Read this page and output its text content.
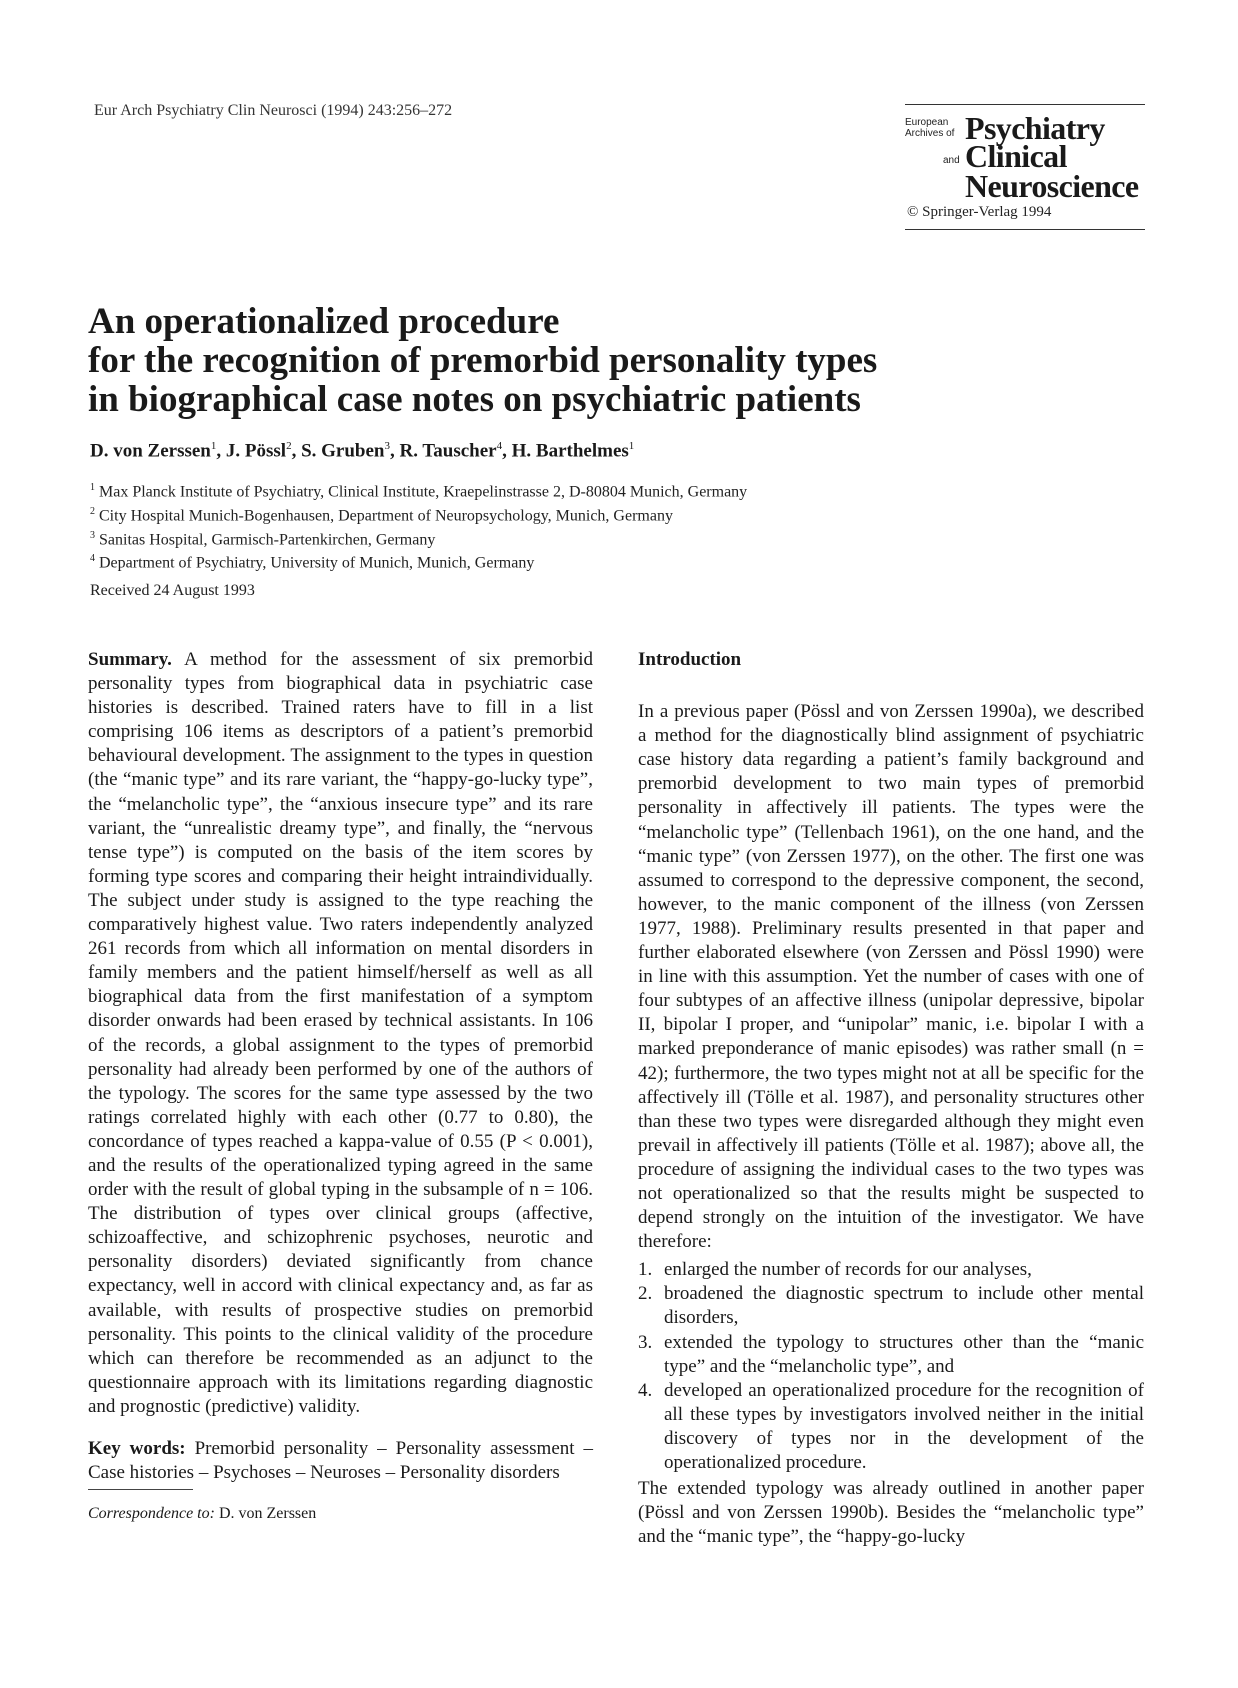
Eur Arch Psychiatry Clin Neurosci (1994) 243:256–272
European
Archives of Psychiatry
and Clinical
Neuroscience
© Springer-Verlag 1994
An operationalized procedure
for the recognition of premorbid personality types
in biographical case notes on psychiatric patients
D. von Zerssen$^1$, J. Pössl$^2$, S. Gruben$^3$, R. Tauscher$^4$, H. Barthelmes$^1$
$^1$ Max Planck Institute of Psychiatry, Clinical Institute, Kraepelinstrasse 2, D-80804 Munich, Germany
$^2$ City Hospital Munich-Bogenhausen, Department of Neuropsychology, Munich, Germany
$^3$ Sanitas Hospital, Garmisch-Partenkirchen, Germany
$^4$ Department of Psychiatry, University of Munich, Munich, Germany
Received 24 August 1993

Summary. A method for the assessment of six premorbid personality types from biographical data in psychiatric case histories is described. Trained raters have to fill in a list comprising 106 items as descriptors of a patient’s premorbid behavioural development. The assignment to the types in question (the “manic type” and its rare variant, the “happy-go-lucky type”, the “melancholic type”, the “anxious insecure type” and its rare variant, the “unrealistic dreamy type”, and finally, the “nervous tense type”) is computed on the basis of the item scores by forming type scores and comparing their height intraindividually. The subject under study is assigned to the type reaching the comparatively highest value. Two raters independently analyzed 261 records from which all information on mental disorders in family members and the patient himself/herself as well as all biographical data from the first manifestation of a symptom disorder onwards had been erased by technical assistants. In 106 of the records, a global assignment to the types of premorbid personality had already been performed by one of the authors of the typology. The scores for the same type assessed by the two ratings correlated highly with each other (0.77 to 0.80), the concordance of types reached a kappa-value of 0.55 (P < 0.001), and the results of the operationalized typing agreed in the same order with the result of global typing in the subsample of n = 106. The distribution of types over clinical groups (affective, schizoaffective, and schizophrenic psychoses, neurotic and personality disorders) deviated significantly from chance expectancy, well in accord with clinical expectancy and, as far as available, with results of prospective studies on premorbid personality. This points to the clinical validity of the procedure which can therefore be recommended as an adjunct to the questionnaire approach with its limitations regarding diagnostic and prognostic (predictive) validity.

Key words: Premorbid personality – Personality assessment – Case histories – Psychoses – Neuroses – Personality disorders

Correspondence to: D. von Zerssen

Introduction

In a previous paper (Pössl and von Zerssen 1990a), we described a method for the diagnostically blind assignment of psychiatric case history data regarding a patient’s family background and premorbid development to two main types of premorbid personality in affectively ill patients. The types were the “melancholic type” (Tellenbach 1961), on the one hand, and the “manic type” (von Zerssen 1977), on the other. The first one was assumed to correspond to the depressive component, the second, however, to the manic component of the illness (von Zerssen 1977, 1988). Preliminary results presented in that paper and further elaborated elsewhere (von Zerssen and Pössl 1990) were in line with this assumption. Yet the number of cases with one of four subtypes of an affective illness (unipolar depressive, bipolar II, bipolar I proper, and “unipolar” manic, i.e. bipolar I with a marked preponderance of manic episodes) was rather small (n = 42); furthermore, the two types might not at all be specific for the affectively ill (Tölle et al. 1987), and personality structures other than these two types were disregarded although they might even prevail in affectively ill patients (Tölle et al. 1987); above all, the procedure of assigning the individual cases to the two types was not operationalized so that the results might be suspected to depend strongly on the intuition of the investigator. We have therefore:

1. enlarged the number of records for our analyses,
2. broadened the diagnostic spectrum to include other mental disorders,
3. extended the typology to structures other than the “manic type” and the “melancholic type”, and
4. developed an operationalized procedure for the recognition of all these types by investigators involved neither in the initial discovery of types nor in the development of the operationalized procedure.

The extended typology was already outlined in another paper (Pössl and von Zerssen 1990b). Besides the “melancholic type” and the “manic type”, the “happy-go-lucky
